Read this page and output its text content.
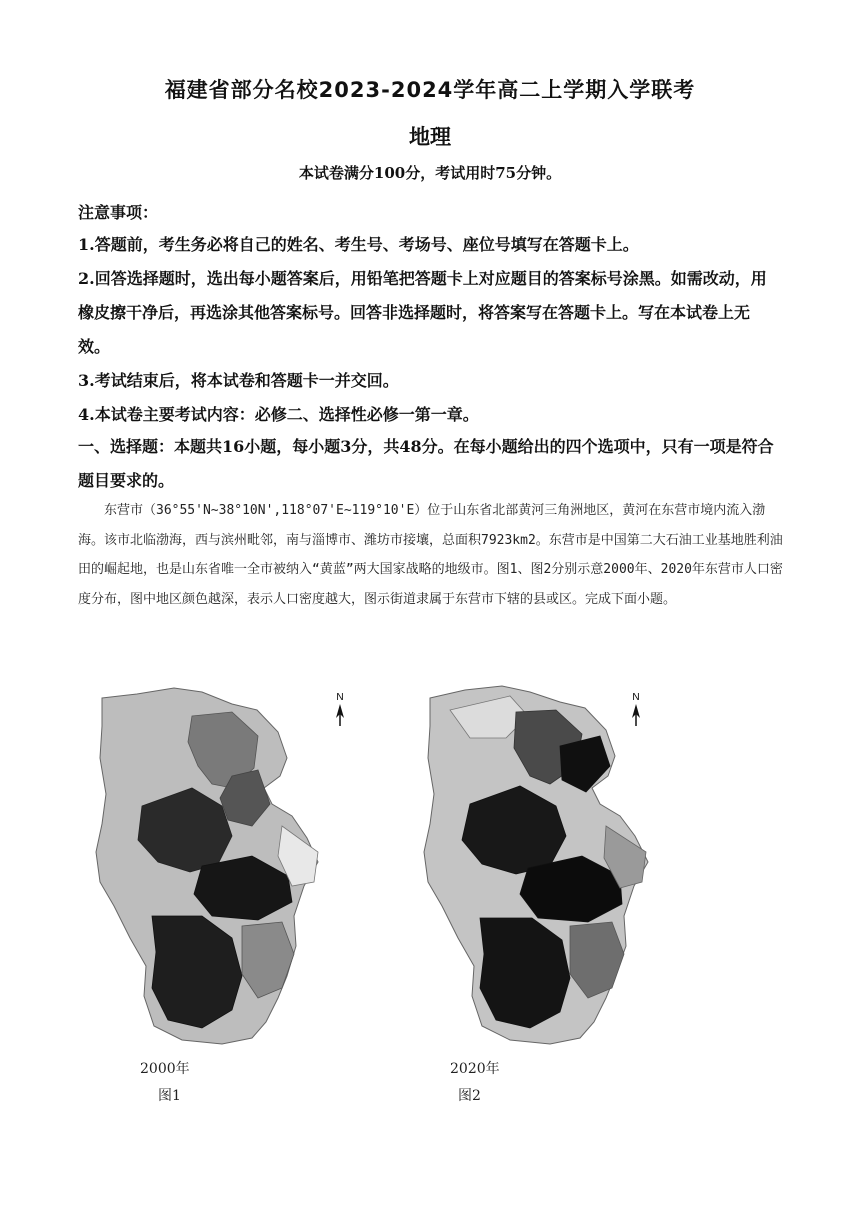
福建省部分名校2023-2024学年高二上学期入学联考
地理
本试卷满分100分，考试用时75分钟。
注意事项：
1.答题前，考生务必将自己的姓名、考生号、考场号、座位号填写在答题卡上。
2.回答选择题时，选出每小题答案后，用铅笔把答题卡上对应题目的答案标号涂黑。如需改动，用橡皮擦干净后，再选涂其他答案标号。回答非选择题时，将答案写在答题卡上。写在本试卷上无效。
3.考试结束后，将本试卷和答题卡一并交回。
4.本试卷主要考试内容：必修二、选择性必修一第一章。
一、选择题：本题共16小题，每小题3分，共48分。在每小题给出的四个选项中，只有一项是符合题目要求的。
东营市（36°55'N~38°10N',118°07'E~119°10'E）位于山东省北部黄河三角洲地区，黄河在东营市境内流入渤海。该市北临渤海，西与滨州毗邻，南与淄博市、潍坊市接壤，总面积7923km2。东营市是中国第二大石油工业基地胜利油田的崛起地，也是山东省唯一全市被纳入“黄蓝”两大国家战略的地级市。图1、图2分别示意2000年、2020年东营市人口密度分布，图中地区颜色越深，表示人口密度越大，图示街道隶属于东营市下辖的县或区。完成下面小题。
N	N
2000年
图1
2020年
图2
